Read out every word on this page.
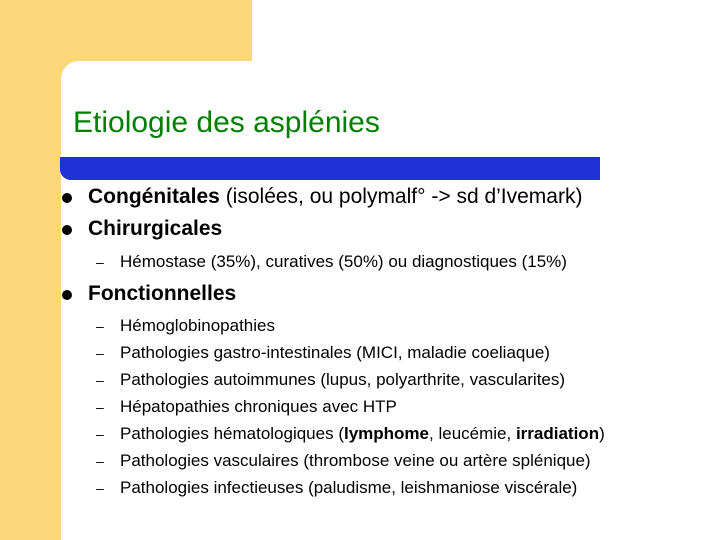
Etiologie des asplénies
Congénitales (isolées, ou polymalf° -> sd d’Ivemark)
Chirurgicales
– Hémostase (35%), curatives (50%) ou diagnostiques (15%)
Fonctionnelles
– Hémoglobinopathies
– Pathologies gastro-intestinales (MICI, maladie coeliaque)
– Pathologies autoimmunes (lupus, polyarthrite, vascularites)
– Hépatopathies chroniques avec HTP
– Pathologies hématologiques (lymphome, leucémie, irradiation)
– Pathologies vasculaires (thrombose veine ou artère splénique)
– Pathologies infectieuses (paludisme, leishmaniose viscérale)
